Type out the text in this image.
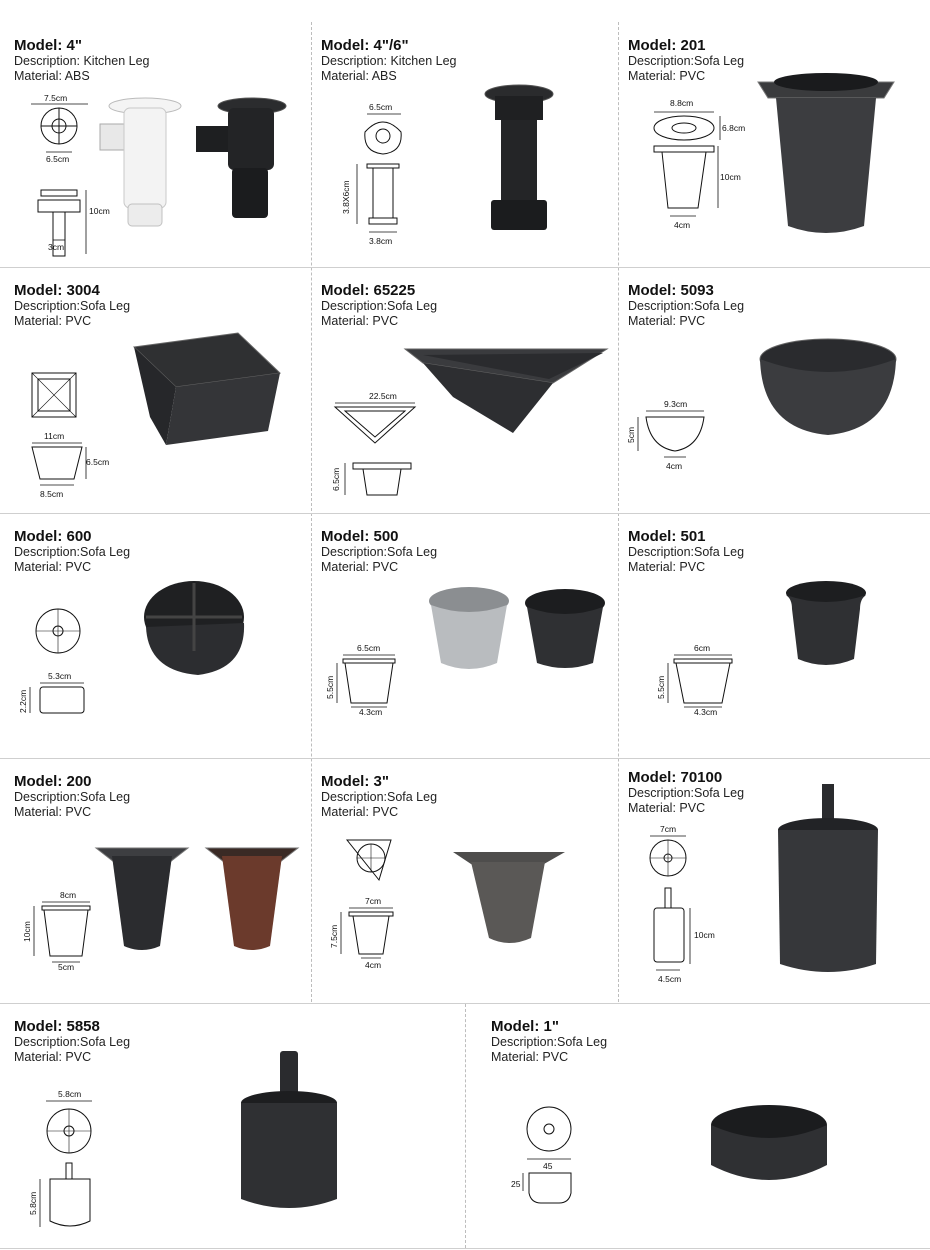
Model: 4"
Description: Kitchen Leg
Material: ABS
7.5cm
6.5cm
10cm
3cm
Model: 4"/6"
Description: Kitchen Leg
Material: ABS
6.5cm
3.8X6cm
3.8cm
Model: 201
Description:Sofa Leg
Material: PVC
8.8cm
6.8cm
10cm
4cm
Model: 3004
Description:Sofa Leg
Material: PVC
11cm
6.5cm
8.5cm
Model: 65225
Description:Sofa Leg
Material: PVC
22.5cm
6.5cm
Model: 5093
Description:Sofa Leg
Material: PVC
9.3cm
5cm
4cm
Model: 600
Description:Sofa Leg
Material: PVC
5.3cm
2.2cm
Model: 500
Description:Sofa Leg
Material: PVC
6.5cm
5.5cm
4.3cm
Model: 501
Description:Sofa Leg
Material: PVC
6cm
5.5cm
4.3cm
Model: 200
Description:Sofa Leg
Material: PVC
8cm
10cm
5cm
Model: 3"
Description:Sofa Leg
Material: PVC
7cm
7.5cm
4cm
Model: 70100
Description:Sofa Leg
Material: PVC
7cm
10cm
4.5cm
Model: 5858
Description:Sofa Leg
Material: PVC
5.8cm
5.8cm
Model: 1"
Description:Sofa Leg
Material: PVC
45
25
